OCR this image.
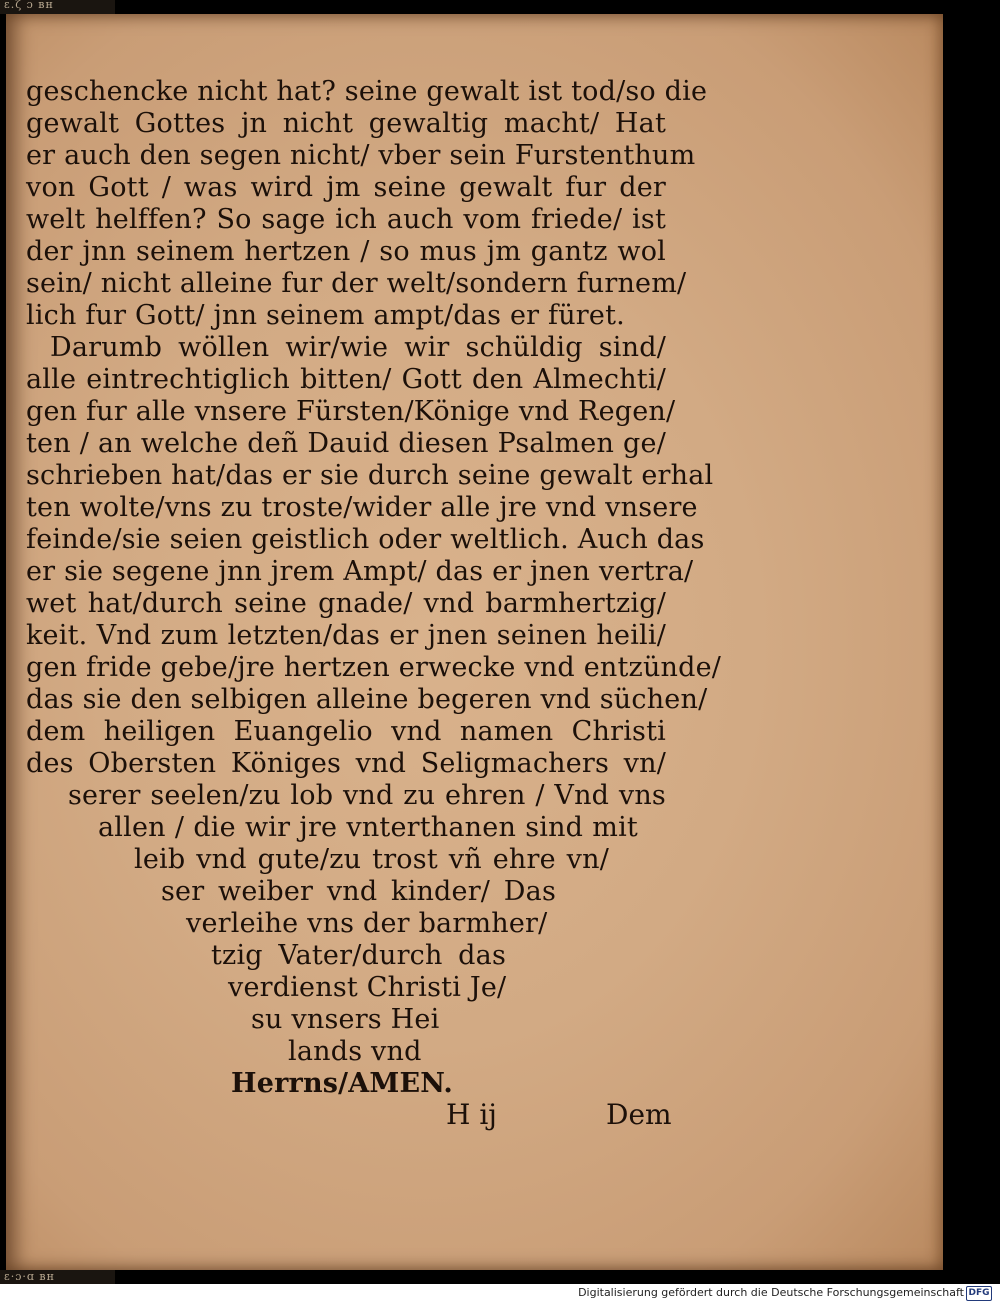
ε.ζ ɔ ʙʜ
geschencke nicht hat? seine gewalt ist tod/so die
gewalt Gottes jn nicht gewaltig macht/ Hat
er auch den segen nicht/ vber sein Furstenthum
von Gott / was wird jm seine gewalt fur der
welt helffen? So sage ich auch vom friede/ ist
der jnn seinem hertzen / so mus jm gantz wol
sein/ nicht alleine fur der welt/sondern furnem/
lich fur Gott/ jnn seinem ampt/das er füret.
Darumb wöllen wir/wie wir schüldig sind/
alle eintrechtiglich bitten/ Gott den Almechti/
gen fur alle vnsere Fürsten/Könige vnd Regen/
ten / an welche deñ Dauid diesen Psalmen ge/
schrieben hat/das er sie durch seine gewalt erhal
ten wolte/vns zu troste/wider alle jre vnd vnsere
feinde/sie seien geistlich oder weltlich. Auch das
er sie segene jnn jrem Ampt/ das er jnen vertra/
wet hat/durch seine gnade/ vnd barmhertzig/
keit. Vnd zum letzten/das er jnen seinen heili/
gen fride gebe/jre hertzen erwecke vnd entzünde/
das sie den selbigen alleine begeren vnd süchen/
dem heiligen Euangelio vnd namen Christi
des Obersten Königes vnd Seligmachers vn/
serer seelen/zu lob vnd zu ehren / Vnd vns
allen / die wir jre vnterthanen sind mit
leib vnd gute/zu trost vñ ehre vn/
ser weiber vnd kinder/ Das
verleihe vns der barmher/
tzig Vater/durch das
verdienst Christi Je/
su vnsers Hei
lands vnd
Herrns/AMEN.
H ij	Dem
ɛ·ɔ·ɑ ʙʜ
Digitalisierung gefördert durch die Deutsche Forschungsgemeinschaft DFG
